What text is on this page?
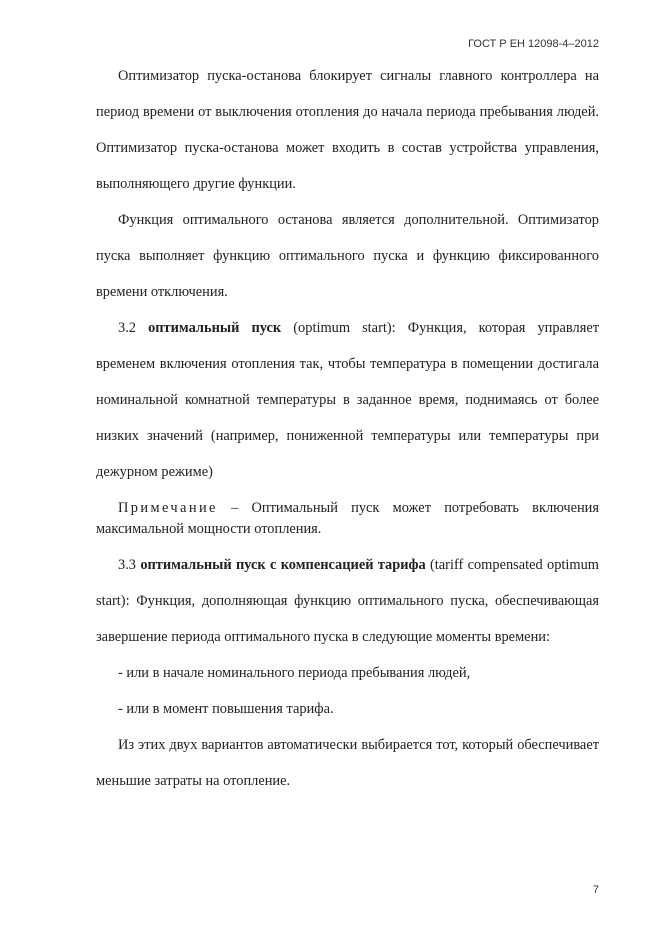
ГОСТ Р ЕН 12098-4–2012

Оптимизатор пуска-останова блокирует сигналы главного контроллера на период времени от выключения отопления до начала периода пребывания людей. Оптимизатор пуска-останова может входить в состав устройства управления, выполняющего другие функции.

Функция оптимального останова является дополнительной. Оптимизатор пуска выполняет функцию оптимального пуска и функцию фиксированного времени отключения.

3.2 оптимальный пуск (optimum start): Функция, которая управляет временем включения отопления так, чтобы температура в помещении достигала номинальной комнатной температуры в заданное время, поднимаясь от более низких значений (например, пониженной температуры или температуры при дежурном режиме)

Примечание – Оптимальный пуск может потребовать включения максимальной мощности отопления.

3.3 оптимальный пуск с компенсацией тарифа (tariff compensated optimum start): Функция, дополняющая функцию оптимального пуска, обеспечивающая завершение периода оптимального пуска в следующие моменты времени:

- или в начале номинального периода пребывания людей,

- или в момент повышения тарифа.

Из этих двух вариантов автоматически выбирается тот, который обеспечивает меньшие затраты на отопление.

7
